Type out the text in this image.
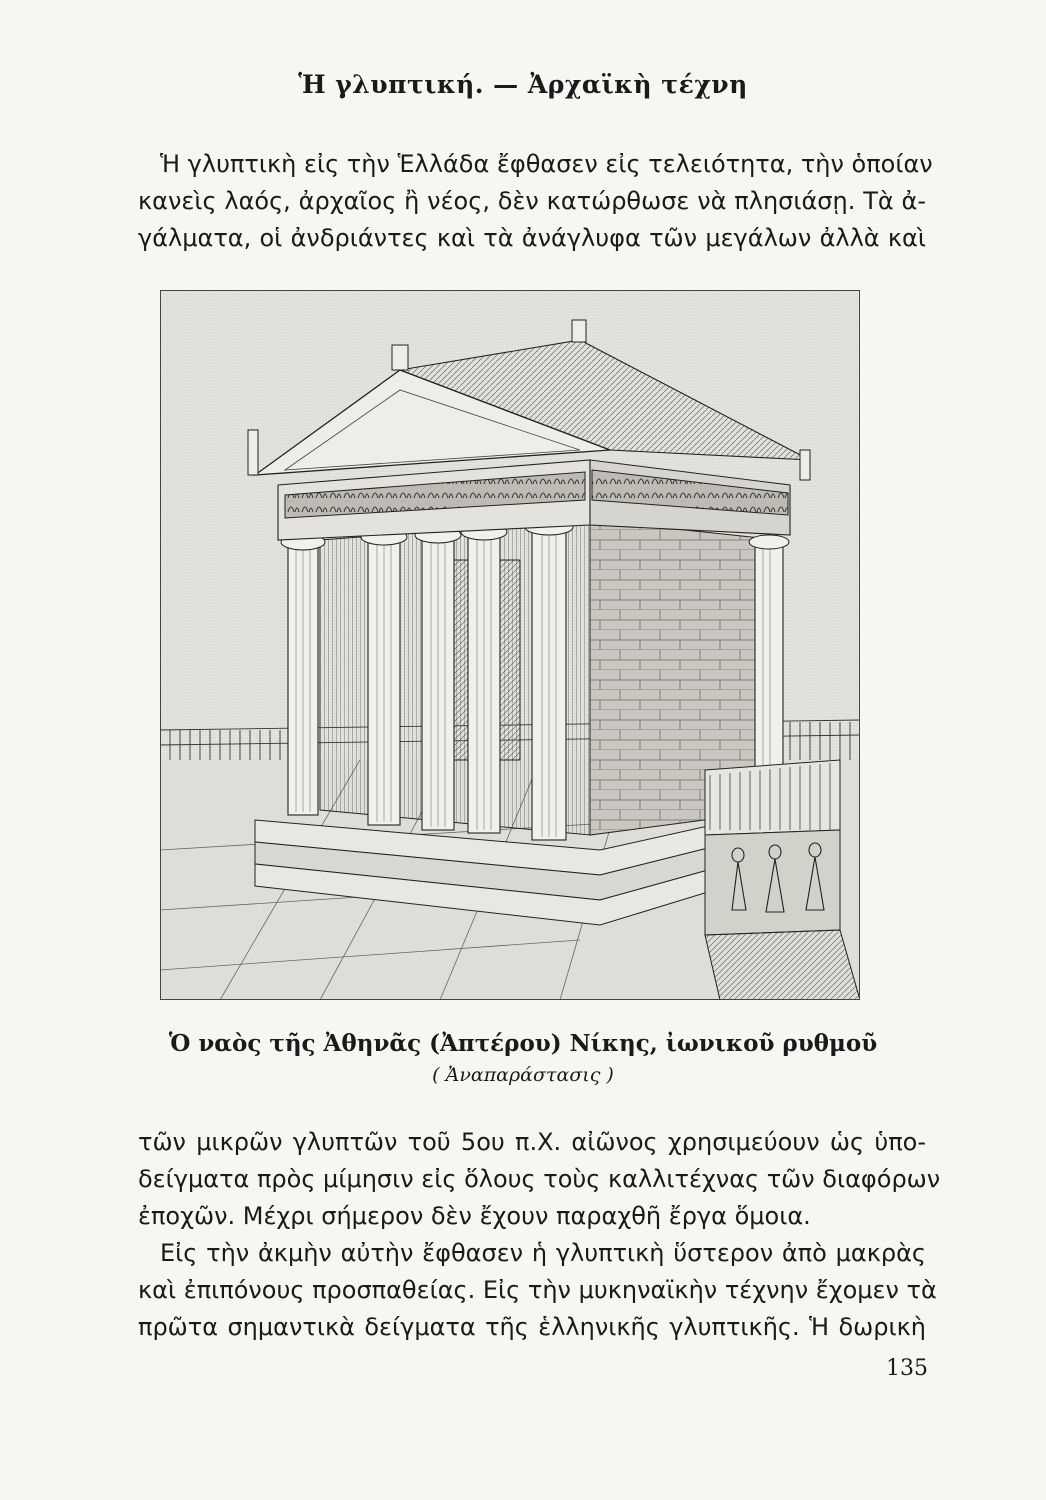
Ἡ γλυπτική. — Ἀρχαϊκὴ τέχνη
Ἡ γλυπτικὴ εἰς τὴν Ἑλλάδα ἔφθασεν εἰς τελειότητα, τὴν ὁποίαν
κανεὶς λαός, ἀρχαῖος ἢ νέος, δὲν κατώρθωσε νὰ πλησιάσῃ. Τὰ ἀ-
γάλματα, οἱ ἀνδριάντες καὶ τὰ ἀνάγλυφα τῶν μεγάλων ἀλλὰ καὶ
Ὁ ναὸς τῆς Ἀθηνᾶς (Ἀπτέρου) Νίκης, ἰωνικοῦ ρυθμοῦ
( Ἀναπαράστασις )
τῶν μικρῶν γλυπτῶν τοῦ 5ου π.Χ. αἰῶνος χρησιμεύουν ὡς ὑπο-
δείγματα πρὸς μίμησιν εἰς ὅλους τοὺς καλλιτέχνας τῶν διαφόρων
ἐποχῶν. Μέχρι σήμερον δὲν ἔχουν παραχθῆ ἔργα ὅμοια.
Εἰς τὴν ἀκμὴν αὐτὴν ἔφθασεν ἡ γλυπτικὴ ὕστερον ἀπὸ μακρὰς
καὶ ἐπιπόνους προσπαθείας. Εἰς τὴν μυκηναϊκὴν τέχνην ἔχομεν τὰ
πρῶτα σημαντικὰ δείγματα τῆς ἑλληνικῆς γλυπτικῆς. Ἡ δωρικὴ
135
